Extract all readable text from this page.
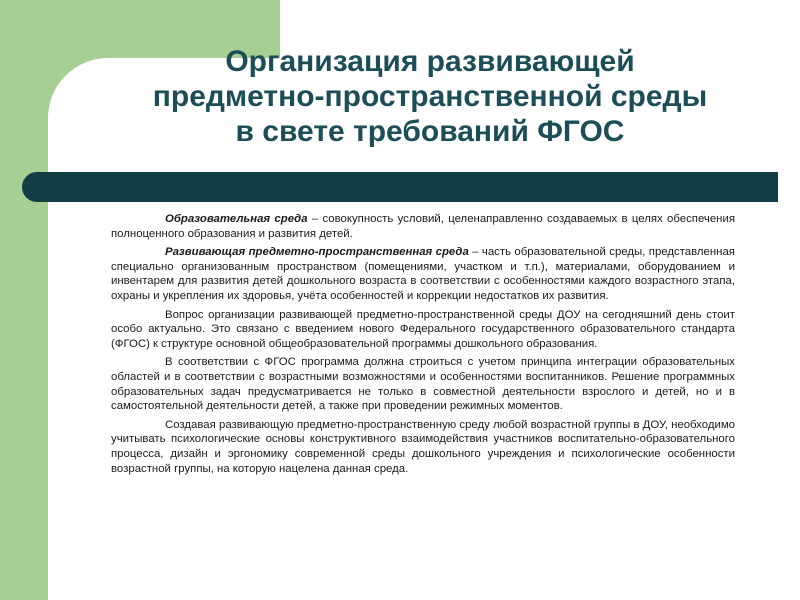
Организация развивающей
предметно-пространственной среды
в свете требований ФГОС

Образовательная среда – совокупность условий, целенаправленно создаваемых в целях обеспечения полноценного образования и развития детей.

Развивающая предметно-пространственная среда – часть образовательной среды, представленная специально организованным пространством (помещениями, участком и т.п.), материалами, оборудованием и инвентарем для развития детей дошкольного возраста в соответствии с особенностями каждого возрастного этапа, охраны и укрепления их здоровья, учёта особенностей и коррекции недостатков их развития.

Вопрос организации развивающей предметно-пространственной среды ДОУ на сегодняшний день стоит особо актуально. Это связано с введением нового Федерального государственного образовательного стандарта (ФГОС) к структуре основной общеобразовательной программы дошкольного образования.

В соответствии с ФГОС программа должна строиться с учетом принципа интеграции образовательных областей и в соответствии с возрастными возможностями и особенностями воспитанников. Решение программных образовательных задач предусматривается не только в совместной деятельности взрослого и детей, но и в самостоятельной деятельности детей, а также при проведении режимных моментов.

Создавая развивающую предметно-пространственную среду любой возрастной группы в ДОУ, необходимо учитывать психологические основы конструктивного взаимодействия участников воспитательно-образовательного процесса, дизайн и эргономику современной среды дошкольного учреждения и психологические особенности возрастной группы, на которую нацелена данная среда.
